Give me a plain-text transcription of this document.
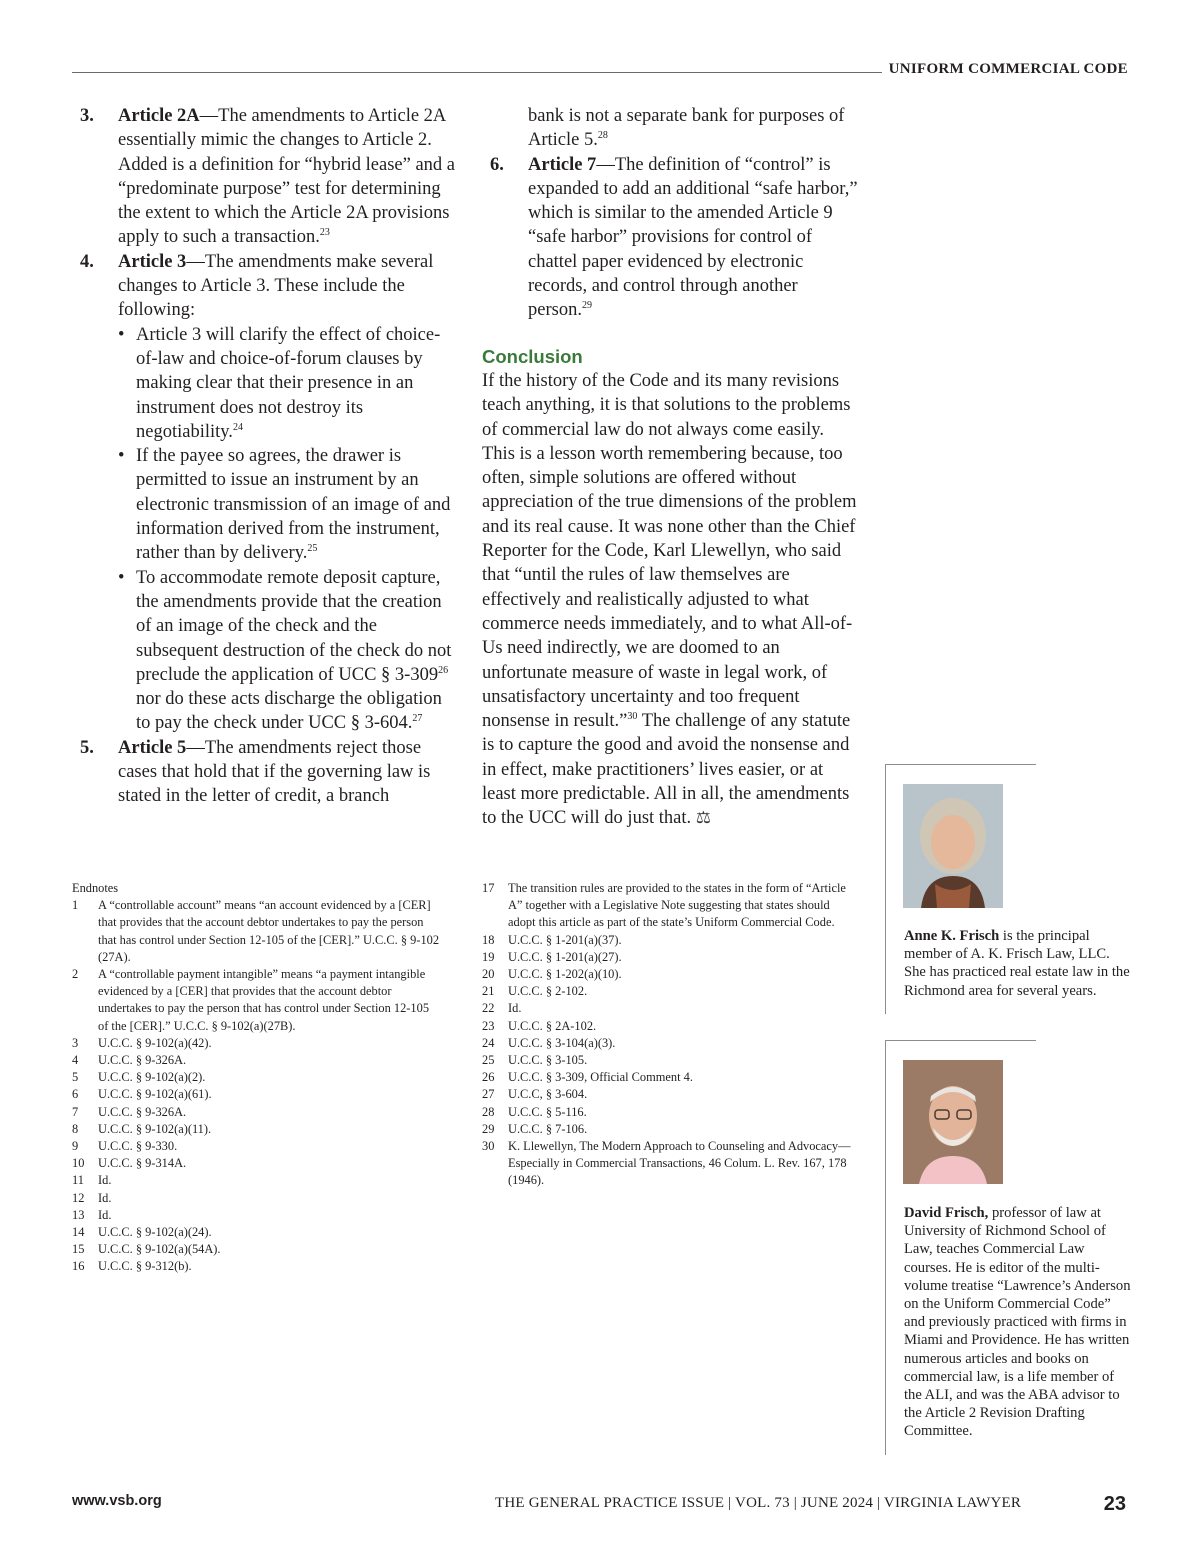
UNIFORM COMMERCIAL CODE
3. Article 2A—The amendments to Article 2A essentially mimic the changes to Article 2. Added is a definition for “hybrid lease” and a “predominate purpose” test for determining the extent to which the Article 2A provisions apply to such a transaction.$^{23}$
4. Article 3—The amendments make several changes to Article 3. These include the following:
• Article 3 will clarify the effect of choice-of-law and choice-of-forum clauses by making clear that their presence in an instrument does not destroy its negotiability.$^{24}$
• If the payee so agrees, the drawer is permitted to issue an instrument by an electronic transmission of an image of and information derived from the instrument, rather than by delivery.$^{25}$
• To accommodate remote deposit capture, the amendments provide that the creation of an image of the check and the subsequent destruction of the check do not preclude the application of UCC § $3-309^{26}$ nor do these acts discharge the obligation to pay the check under UCC § 3-604.27
5. Article 5—The amendments reject those cases that hold that if the governing law is stated in the letter of credit, a branch
bank is not a separate bank for purposes of Article 5.28
6. Article 7—The definition of “control” is expanded to add an additional “safe harbor,” which is similar to the amended Article 9 “safe harbor” provisions for control of chattel paper evidenced by electronic records, and control through another person.$^{29}$
Conclusion
If the history of the Code and its many revisions teach anything, it is that solutions to the problems of commercial law do not always come easily. This is a lesson worth remembering because, too often, simple solutions are offered without appreciation of the true dimensions of the problem and its real cause. It was none other than the Chief Reporter for the Code, Karl Llewellyn, who said that “until the rules of law themselves are effectively and realistically adjusted to what commerce needs immediately, and to what All-of-Us need indirectly, we are doomed to an unfortunate measure of waste in legal work, of unsatisfactory uncertainty and too frequent nonsense in result.”$^{30}$ The challenge of any statute is to capture the good and avoid the nonsense and in effect, make practitioners’ lives easier, or at least more predictable. All in all, the amendments to the UCC will do just that. ⚖
Endnotes
1 A “controllable account” means “an account evidenced by a [CER] that provides that the account debtor undertakes to pay the person that has control under Section 12-105 of the [CER].” U.C.C. § 9-102 (27A).
2 A “controllable payment intangible” means “a payment intangible evidenced by a [CER] that provides that the account debtor undertakes to pay the person that has control under Section 12-105 of the [CER].” U.C.C. § 9-102(a)(27B).
3 U.C.C. § 9-102(a)(42).
4 U.C.C. § 9-326A.
5 U.C.C. § 9-102(a)(2).
6 U.C.C. § 9-102(a)(61).
7 U.C.C. § 9-326A.
8 U.C.C. § 9-102(a)(11).
9 U.C.C. § 9-330.
10 U.C.C. § 9-314A.
11 Id.
12 Id.
13 Id.
14 U.C.C. § 9-102(a)(24).
15 U.C.C. § 9-102(a)(54A).
16 U.C.C. § 9-312(b).
17 The transition rules are provided to the states in the form of “Article A” together with a Legislative Note suggesting that states should adopt this article as part of the state’s Uniform Commercial Code.
18 U.C.C. § 1-201(a)(37).
19 U.C.C. § 1-201(a)(27).
20 U.C.C. § 1-202(a)(10).
21 U.C.C. § 2-102.
22 Id.
23 U.C.C. § 2A-102.
24 U.C.C. § 3-104(a)(3).
25 U.C.C. § 3-105.
26 U.C.C. § 3-309, Official Comment 4.
27 U.C.C, § 3-604.
28 U.C.C. § 5-116.
29 U.C.C. § 7-106.
30 K. Llewellyn, The Modern Approach to Counseling and Advocacy—Especially in Commercial Transactions, 46 Colum. L. Rev. 167, 178 (1946).
Anne K. Frisch is the principal member of A. K. Frisch Law, LLC. She has practiced real estate law in the Richmond area for several years.
David Frisch, professor of law at University of Richmond School of Law, teaches Commercial Law courses. He is editor of the multi-volume treatise “Lawrence’s Anderson on the Uniform Commercial Code” and previously practiced with firms in Miami and Providence. He has written numerous articles and books on commercial law, is a life member of the ALI, and was the ABA advisor to the Article 2 Revision Drafting Committee.
www.vsb.org	THE GENERAL PRACTICE ISSUE | VOL. 73 | JUNE 2024 | VIRGINIA LAWYER	23
